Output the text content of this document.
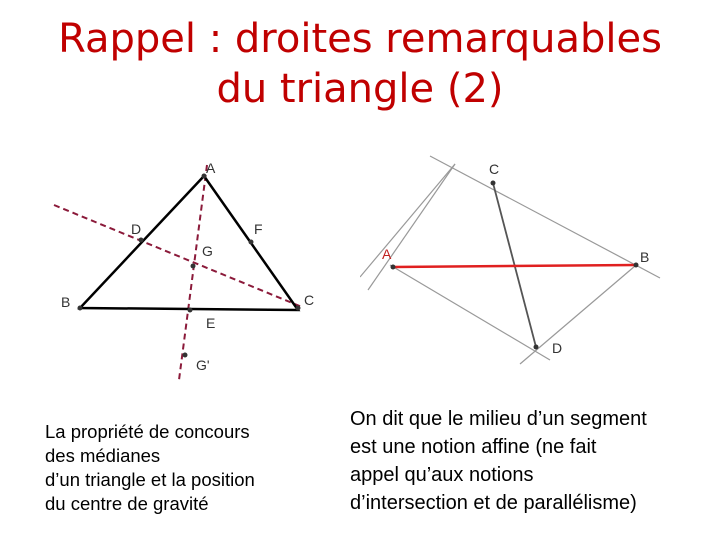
Rappel : droites remarquables
du triangle (2)
A
B	C
D
E
F
G
G'
A	B
C
D
La propriété de concours
des médianes
d’un triangle et la position
du centre de gravité
On dit que le milieu d’un segment
est une notion affine (ne fait
appel qu’aux notions
d’intersection et de parallélisme)
